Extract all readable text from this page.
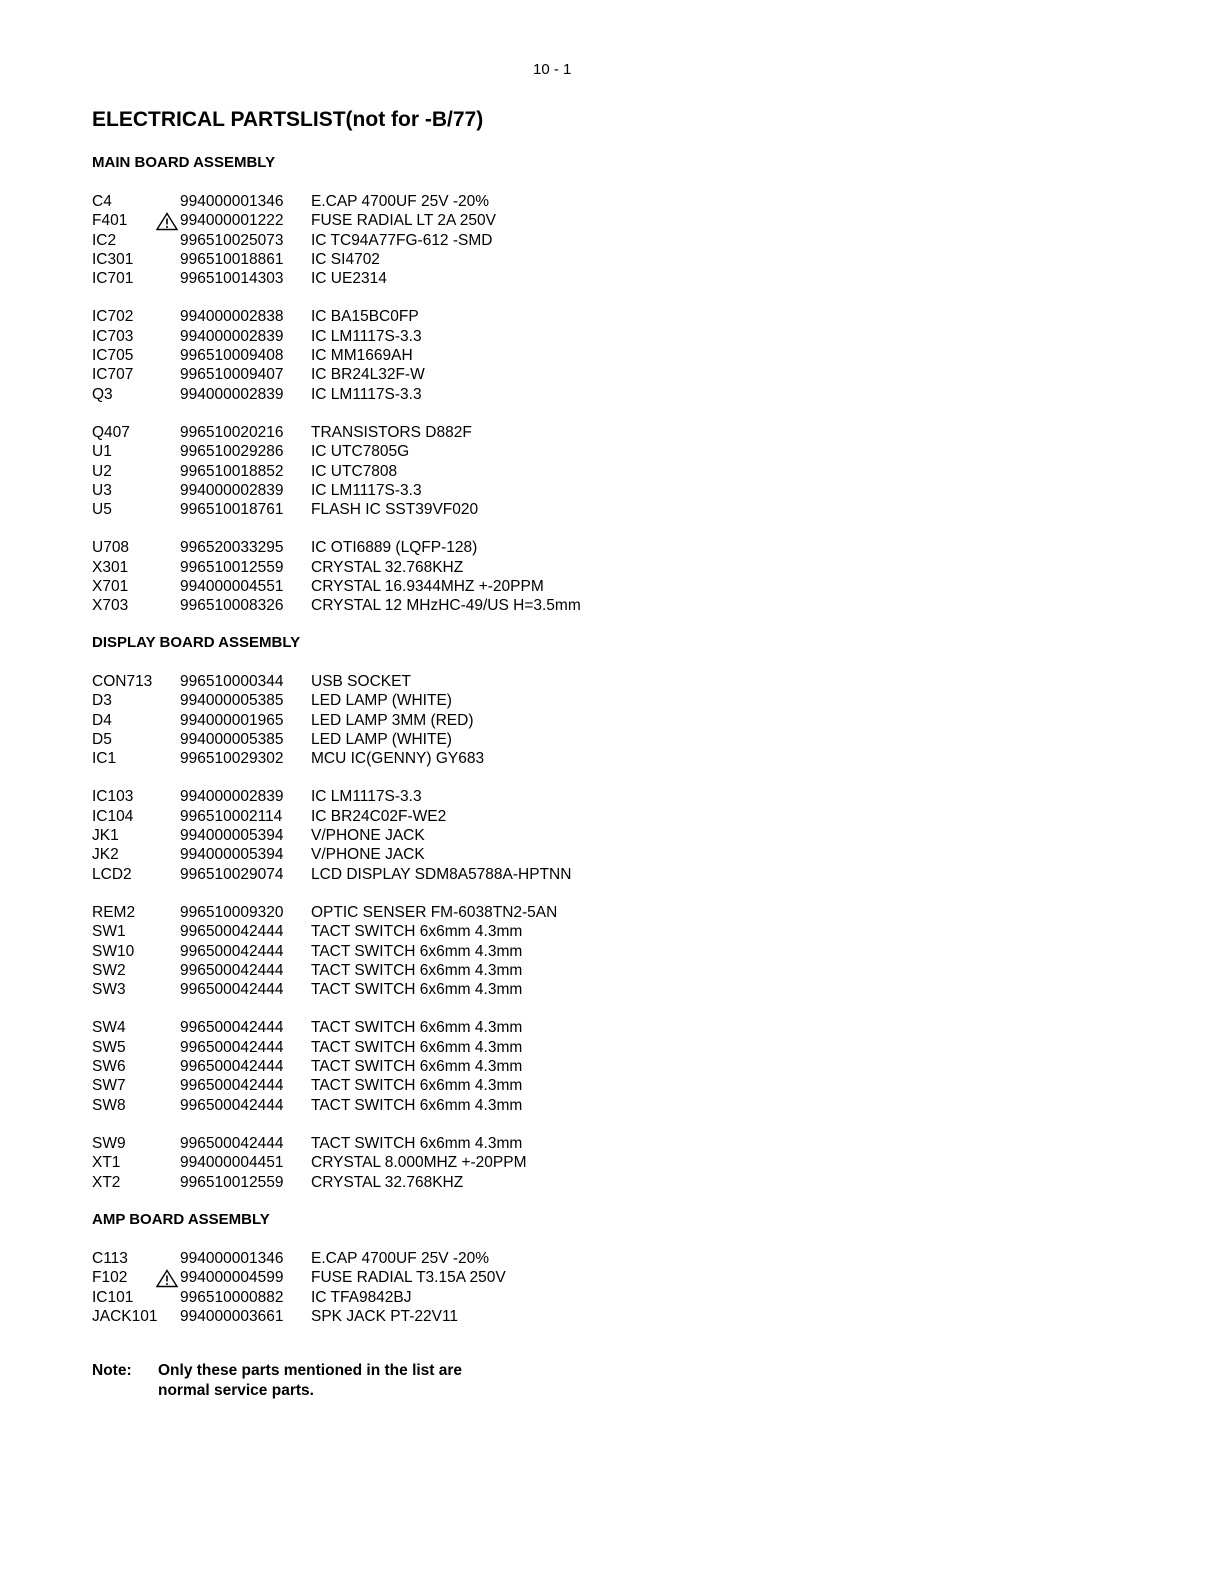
10 - 1
ELECTRICAL PARTSLIST(not for -B/77)
MAIN BOARD ASSEMBLY
C4	994000001346	E.CAP 4700UF 25V -20%
F401	994000001222	FUSE RADIAL LT 2A 250V
IC2	996510025073	IC TC94A77FG-612 -SMD
IC301	996510018861	IC SI4702
IC701	996510014303	IC UE2314
IC702	994000002838	IC BA15BC0FP
IC703	994000002839	IC LM1117S-3.3
IC705	996510009408	IC MM1669AH
IC707	996510009407	IC BR24L32F-W
Q3	994000002839	IC LM1117S-3.3
Q407	996510020216	TRANSISTORS D882F
U1	996510029286	IC UTC7805G
U2	996510018852	IC UTC7808
U3	994000002839	IC LM1117S-3.3
U5	996510018761	FLASH IC SST39VF020
U708	996520033295	IC OTI6889 (LQFP-128)
X301	996510012559	CRYSTAL 32.768KHZ
X701	994000004551	CRYSTAL 16.9344MHZ +-20PPM
X703	996510008326	CRYSTAL 12 MHzHC-49/US H=3.5mm
DISPLAY BOARD ASSEMBLY
CON713 996510000344	USB SOCKET
D3	994000005385	LED LAMP (WHITE)
D4	994000001965	LED LAMP 3MM (RED)
D5	994000005385	LED LAMP (WHITE)
IC1	996510029302	MCU IC(GENNY) GY683
IC103	994000002839	IC LM1117S-3.3
IC104	996510002114	IC BR24C02F-WE2
JK1	994000005394	V/PHONE JACK
JK2	994000005394	V/PHONE JACK
LCD2	996510029074	LCD DISPLAY SDM8A5788A-HPTNN
REM2	996510009320	OPTIC SENSER FM-6038TN2-5AN
SW1	996500042444	TACT SWITCH 6x6mm 4.3mm
SW10	996500042444	TACT SWITCH 6x6mm 4.3mm
SW2	996500042444	TACT SWITCH 6x6mm 4.3mm
SW3	996500042444	TACT SWITCH 6x6mm 4.3mm
SW4	996500042444	TACT SWITCH 6x6mm 4.3mm
SW5	996500042444	TACT SWITCH 6x6mm 4.3mm
SW6	996500042444	TACT SWITCH 6x6mm 4.3mm
SW7	996500042444	TACT SWITCH 6x6mm 4.3mm
SW8	996500042444	TACT SWITCH 6x6mm 4.3mm
SW9	996500042444	TACT SWITCH 6x6mm 4.3mm
XT1	994000004451	CRYSTAL 8.000MHZ +-20PPM
XT2	996510012559	CRYSTAL 32.768KHZ
AMP BOARD ASSEMBLY
C113	994000001346	E.CAP 4700UF 25V -20%
F102	994000004599	FUSE RADIAL T3.15A 250V
IC101	996510000882	IC TFA9842BJ
JACK101 994000003661	SPK JACK PT-22V11
Note:	Only these parts mentioned in the list are
normal service parts.
